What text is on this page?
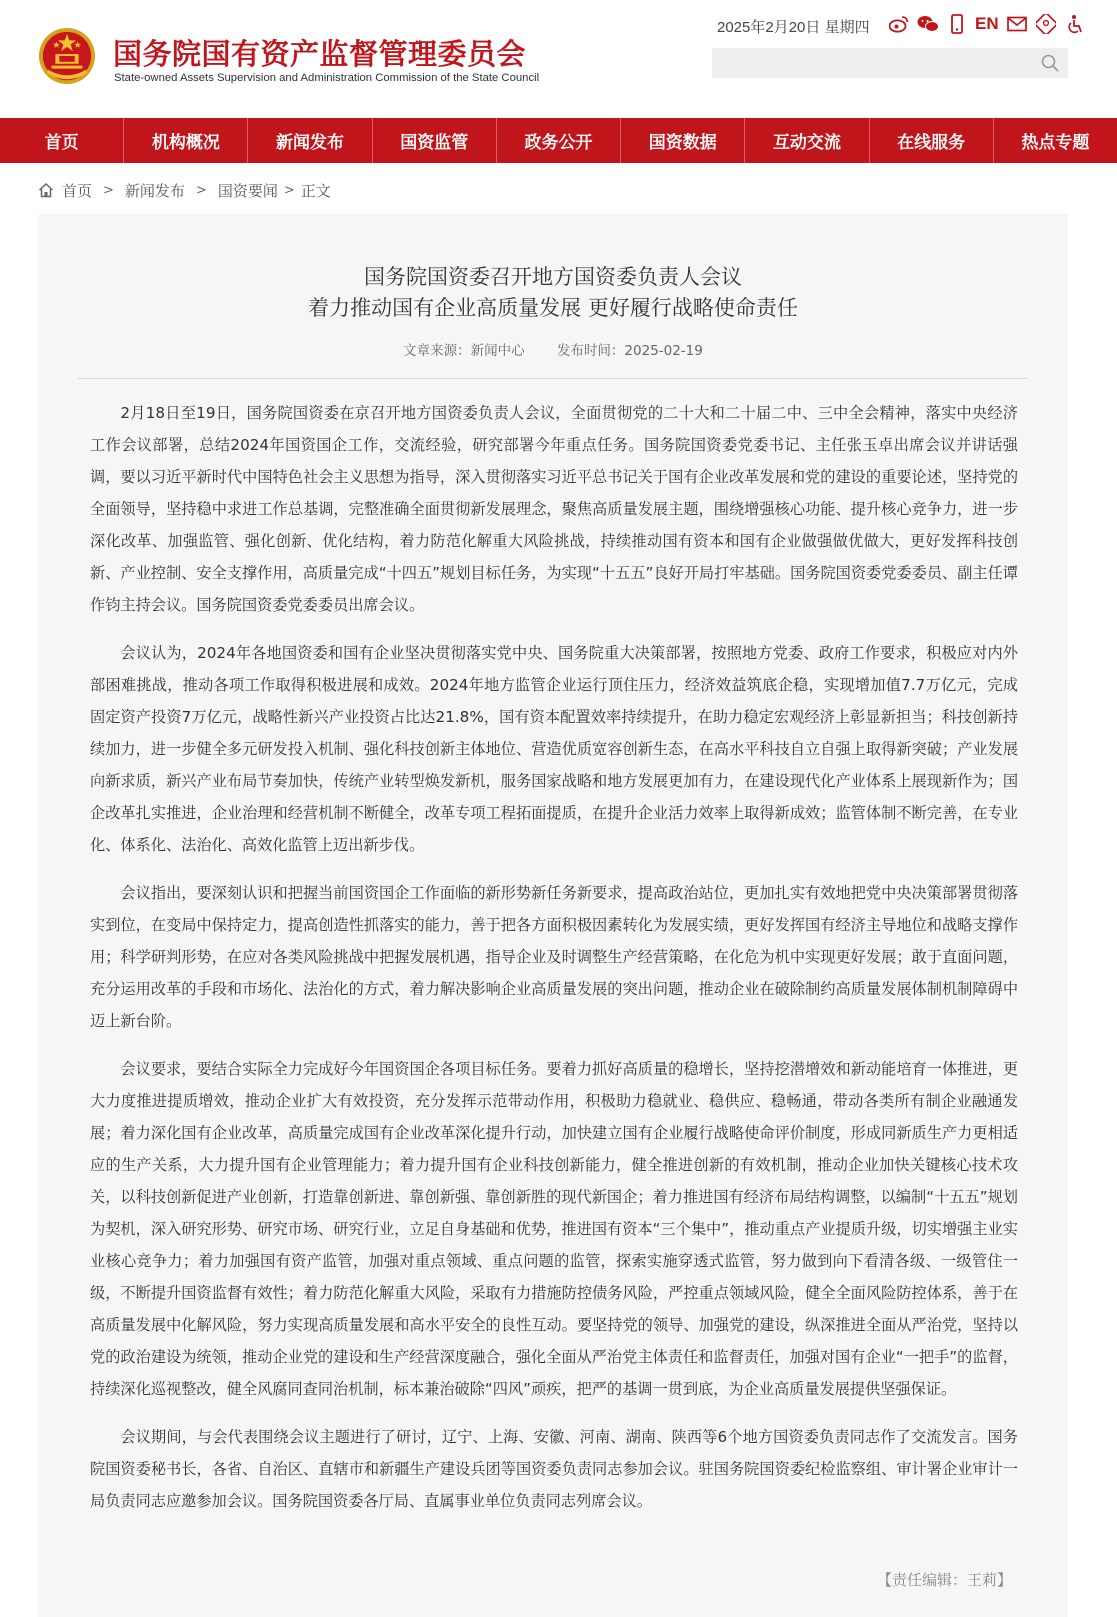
国务院国有资产监督管理委员会
State-owned Assets Supervision and Administration Commission of the State Council
2025年2月20日 星期四	EN
首页	机构概况	新闻发布	国资监管	政务公开	国资数据	互动交流	在线服务	热点专题
首页 > 新闻发布 > 国资要闻 > 正文
国务院国资委召开地方国资委负责人会议
着力推动国有企业高质量发展 更好履行战略使命责任
文章来源：新闻中心 发布时间：2025-02-19

2月18日至19日，国务院国资委在京召开地方国资委负责人会议，全面贯彻党的二十大和二十届二中、三中全会精神，落实中央经济工作会议部署，总结2024年国资国企工作，交流经验，研究部署今年重点任务。国务院国资委党委书记、主任张玉卓出席会议并讲话强调，要以习近平新时代中国特色社会主义思想为指导，深入贯彻落实习近平总书记关于国有企业改革发展和党的建设的重要论述，坚持党的全面领导，坚持稳中求进工作总基调，完整准确全面贯彻新发展理念，聚焦高质量发展主题，围绕增强核心功能、提升核心竞争力，进一步深化改革、加强监管、强化创新、优化结构，着力防范化解重大风险挑战，持续推动国有资本和国有企业做强做优做大，更好发挥科技创新、产业控制、安全支撑作用，高质量完成“十四五”规划目标任务，为实现“十五五”良好开局打牢基础。国务院国资委党委委员、副主任谭作钧主持会议。国务院国资委党委委员出席会议。

会议认为，2024年各地国资委和国有企业坚决贯彻落实党中央、国务院重大决策部署，按照地方党委、政府工作要求，积极应对内外部困难挑战，推动各项工作取得积极进展和成效。2024年地方监管企业运行顶住压力，经济效益筑底企稳，实现增加值7.7万亿元，完成固定资产投资7万亿元，战略性新兴产业投资占比达21.8%，国有资本配置效率持续提升，在助力稳定宏观经济上彰显新担当；科技创新持续加力，进一步健全多元研发投入机制、强化科技创新主体地位、营造优质宽容创新生态，在高水平科技自立自强上取得新突破；产业发展向新求质，新兴产业布局节奏加快，传统产业转型焕发新机，服务国家战略和地方发展更加有力，在建设现代化产业体系上展现新作为；国企改革扎实推进，企业治理和经营机制不断健全，改革专项工程拓面提质，在提升企业活力效率上取得新成效；监管体制不断完善，在专业化、体系化、法治化、高效化监管上迈出新步伐。

会议指出，要深刻认识和把握当前国资国企工作面临的新形势新任务新要求，提高政治站位，更加扎实有效地把党中央决策部署贯彻落实到位，在变局中保持定力，提高创造性抓落实的能力，善于把各方面积极因素转化为发展实绩，更好发挥国有经济主导地位和战略支撑作用；科学研判形势，在应对各类风险挑战中把握发展机遇，指导企业及时调整生产经营策略，在化危为机中实现更好发展；敢于直面问题，充分运用改革的手段和市场化、法治化的方式，着力解决影响企业高质量发展的突出问题，推动企业在破除制约高质量发展体制机制障碍中迈上新台阶。

会议要求，要结合实际全力完成好今年国资国企各项目标任务。要着力抓好高质量的稳增长，坚持挖潜增效和新动能培育一体推进，更大力度推进提质增效，推动企业扩大有效投资，充分发挥示范带动作用，积极助力稳就业、稳供应、稳畅通，带动各类所有制企业融通发展；着力深化国有企业改革，高质量完成国有企业改革深化提升行动，加快建立国有企业履行战略使命评价制度，形成同新质生产力更相适应的生产关系，大力提升国有企业管理能力；着力提升国有企业科技创新能力，健全推进创新的有效机制，推动企业加快关键核心技术攻关，以科技创新促进产业创新，打造靠创新进、靠创新强、靠创新胜的现代新国企；着力推进国有经济布局结构调整，以编制“十五五”规划为契机，深入研究形势、研究市场、研究行业，立足自身基础和优势，推进国有资本“三个集中”，推动重点产业提质升级，切实增强主业实业核心竞争力；着力加强国有资产监管，加强对重点领域、重点问题的监管，探索实施穿透式监管，努力做到向下看清各级、一级管住一级，不断提升国资监督有效性；着力防范化解重大风险，采取有力措施防控债务风险，严控重点领域风险，健全全面风险防控体系，善于在高质量发展中化解风险，努力实现高质量发展和高水平安全的良性互动。要坚持党的领导、加强党的建设，纵深推进全面从严治党，坚持以党的政治建设为统领，推动企业党的建设和生产经营深度融合，强化全面从严治党主体责任和监督责任，加强对国有企业“一把手”的监督，持续深化巡视整改，健全风腐同查同治机制，标本兼治破除“四风”顽疾，把严的基调一贯到底，为企业高质量发展提供坚强保证。

会议期间，与会代表围绕会议主题进行了研讨，辽宁、上海、安徽、河南、湖南、陕西等6个地方国资委负责同志作了交流发言。国务院国资委秘书长，各省、自治区、直辖市和新疆生产建设兵团等国资委负责同志参加会议。驻国务院国资委纪检监察组、审计署企业审计一局负责同志应邀参加会议。国务院国资委各厅局、直属事业单位负责同志列席会议。

【责任编辑：王莉】
